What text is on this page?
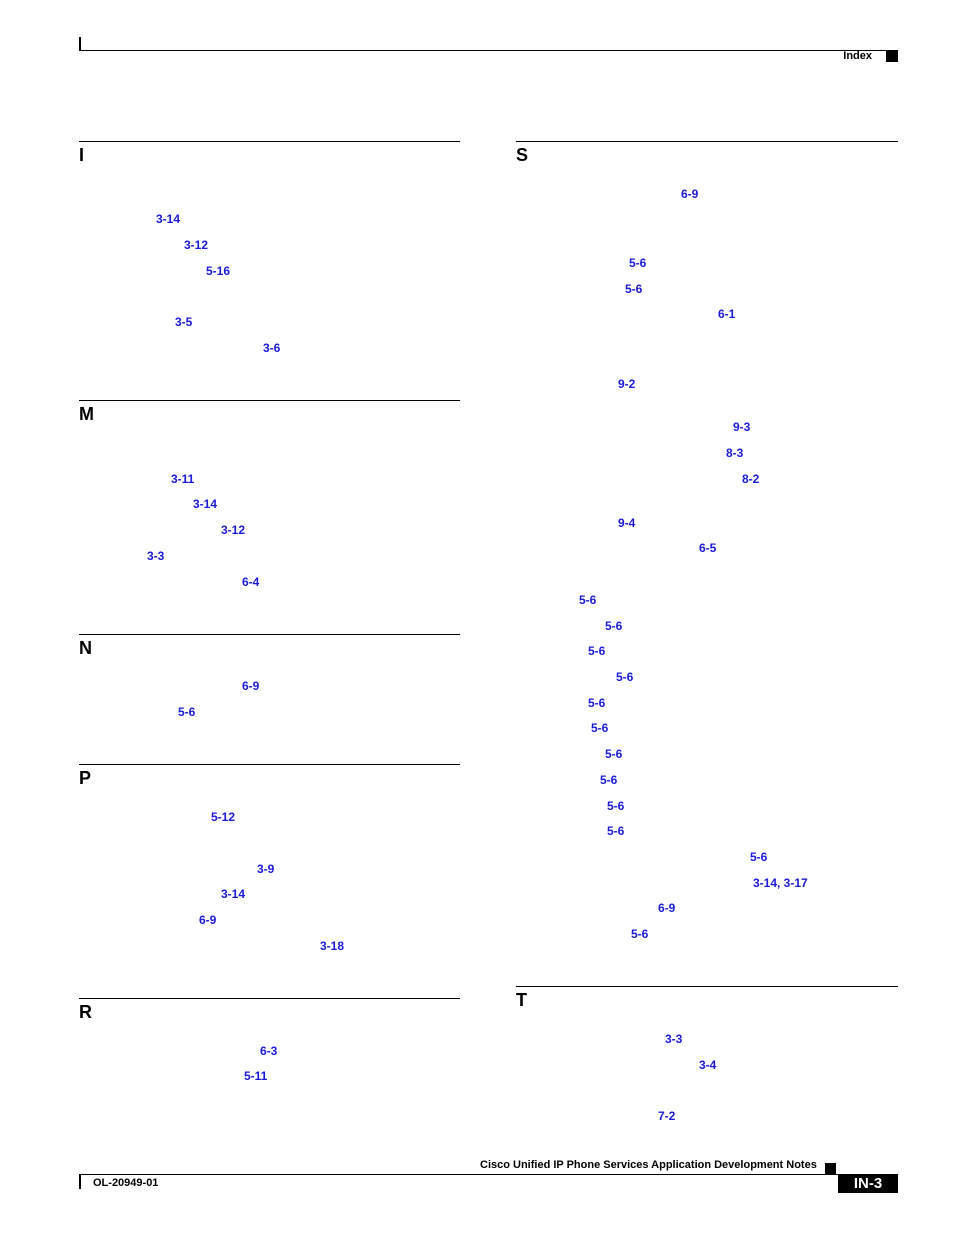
Index
I
3-14
3-12
5-16
3-5
3-6
M
3-11
3-14
3-12
3-3
6-4
N
6-9
5-6
P
5-12
3-9
3-14
6-9
3-18
R
6-3
5-11
S
6-9
5-6
5-6
6-1
9-2
9-3
8-3
8-2
9-4
6-5
5-6
5-6
5-6
5-6
5-6
5-6
5-6
5-6
5-6
5-6
5-6
3-14, 3-17
6-9
5-6
T
3-3
3-4
7-2
Cisco Unified IP Phone Services Application Development Notes
OL-20949-01	IN-3
